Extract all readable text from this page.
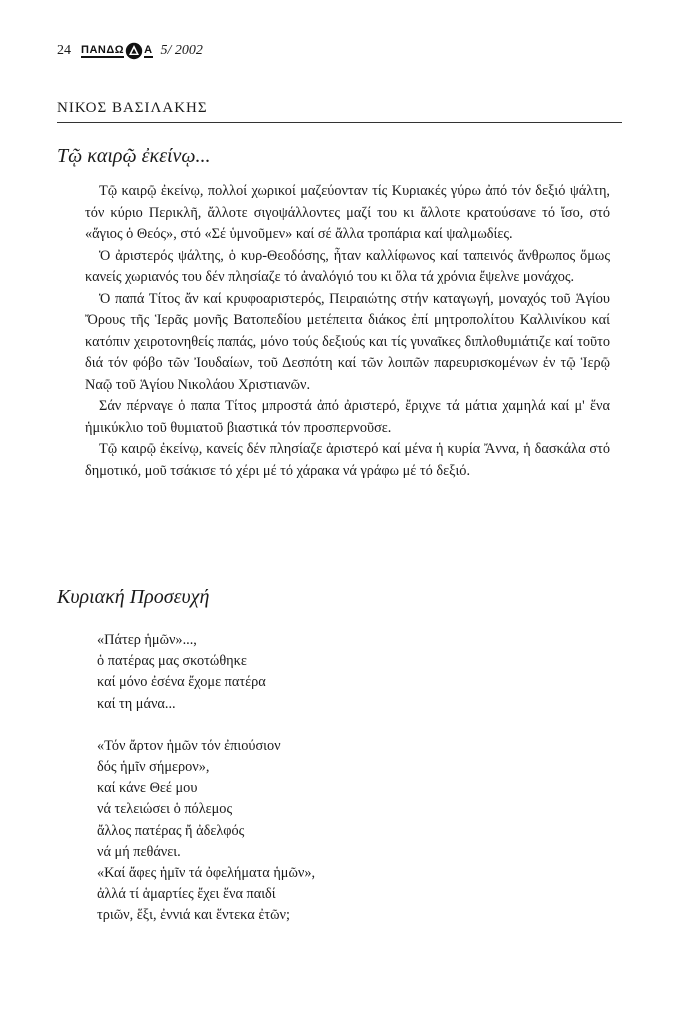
24 ΠΑΝΔΩ Α 5/ 2002
ΝΙΚΟΣ ΒΑΣΙΛΑΚΗΣ
Τῷ καιρῷ ἐκείνῳ...

Τῷ καιρῷ ἐκείνῳ, πολλοί χωρικοί μαζεύονταν τίς Κυριακές γύρω ἀπό τόν δεξιό ψάλτη, τόν κύριο Περικλῆ, ἄλλοτε σιγοψάλλοντες μαζί του κι ἄλλοτε κρατούσανε τό ἴσο, στό «ἅγιος ὁ Θεός», στό «Σέ ὑμνοῦμεν» καί σέ ἄλλα τροπάρια καί ψαλμωδίες.

Ὁ ἀριστερός ψάλτης, ὁ κυρ-Θεοδόσης, ἦταν καλλίφωνος καί ταπεινός ἄνθρωπος ὅμως κανείς χωριανός του δέν πλησίαζε τό ἀναλόγιό του κι ὅλα τά χρόνια ἔψελνε μονάχος.

Ὁ παπά Τίτος ἄν καί κρυφοαριστερός, Πειραιώτης στήν καταγωγή, μοναχός τοῦ Ἁγίου Ὄρους τῆς Ἱερᾶς μονῆς Βατοπεδίου μετέπειτα διάκος ἐπί μητροπολίτου Καλλινίκου καί κατόπιν χειροτονηθείς παπάς, μόνο τούς δεξιούς και τίς γυναῖκες διπλοθυμιάτιζε καί τοῦτο διά τόν φόβο τῶν Ἰουδαίων, τοῦ Δεσπότη καί τῶν λοιπῶν παρευρισκομένων ἐν τῷ Ἱερῷ Ναῷ τοῦ Ἁγίου Νικολάου Χριστιανῶν.

Σάν πέρναγε ὁ παπα Τίτος μπροστά ἀπό ἀριστερό, ἔριχνε τά μάτια χαμηλά καί μ' ἕνα ἡμικύκλιο τοῦ θυμιατοῦ βιαστικά τόν προσπερνοῦσε.

Τῷ καιρῷ ἐκείνῳ, κανείς δέν πλησίαζε ἀριστερό καί μένα ἡ κυρία Ἄννα, ἡ δασκάλα στό δημοτικό, μοῦ τσάκισε τό χέρι μέ τό χάρακα νά γράφω μέ τό δεξιό.

Κυριακή Προσευχή
«Πάτερ ἡμῶν»...,
ὁ πατέρας μας σκοτώθηκε
καί μόνο ἐσένα ἔχομε πατέρα
καί τη μάνα...
«Τόν ἄρτον ἡμῶν τόν ἐπιούσιον
δός ἡμῖν σήμερον»,
καί κάνε Θεέ μου
νά τελειώσει ὁ πόλεμος
ἄλλος πατέρας ἤ ἀδελφός
νά μή πεθάνει.
«Καί ἄφες ἡμῖν τά ὀφελήματα ἡμῶν»,
ἀλλά τί ἁμαρτίες ἔχει ἕνα παιδί
τριῶν, ἕξι, ἐννιά και ἕντεκα ἐτῶν;
